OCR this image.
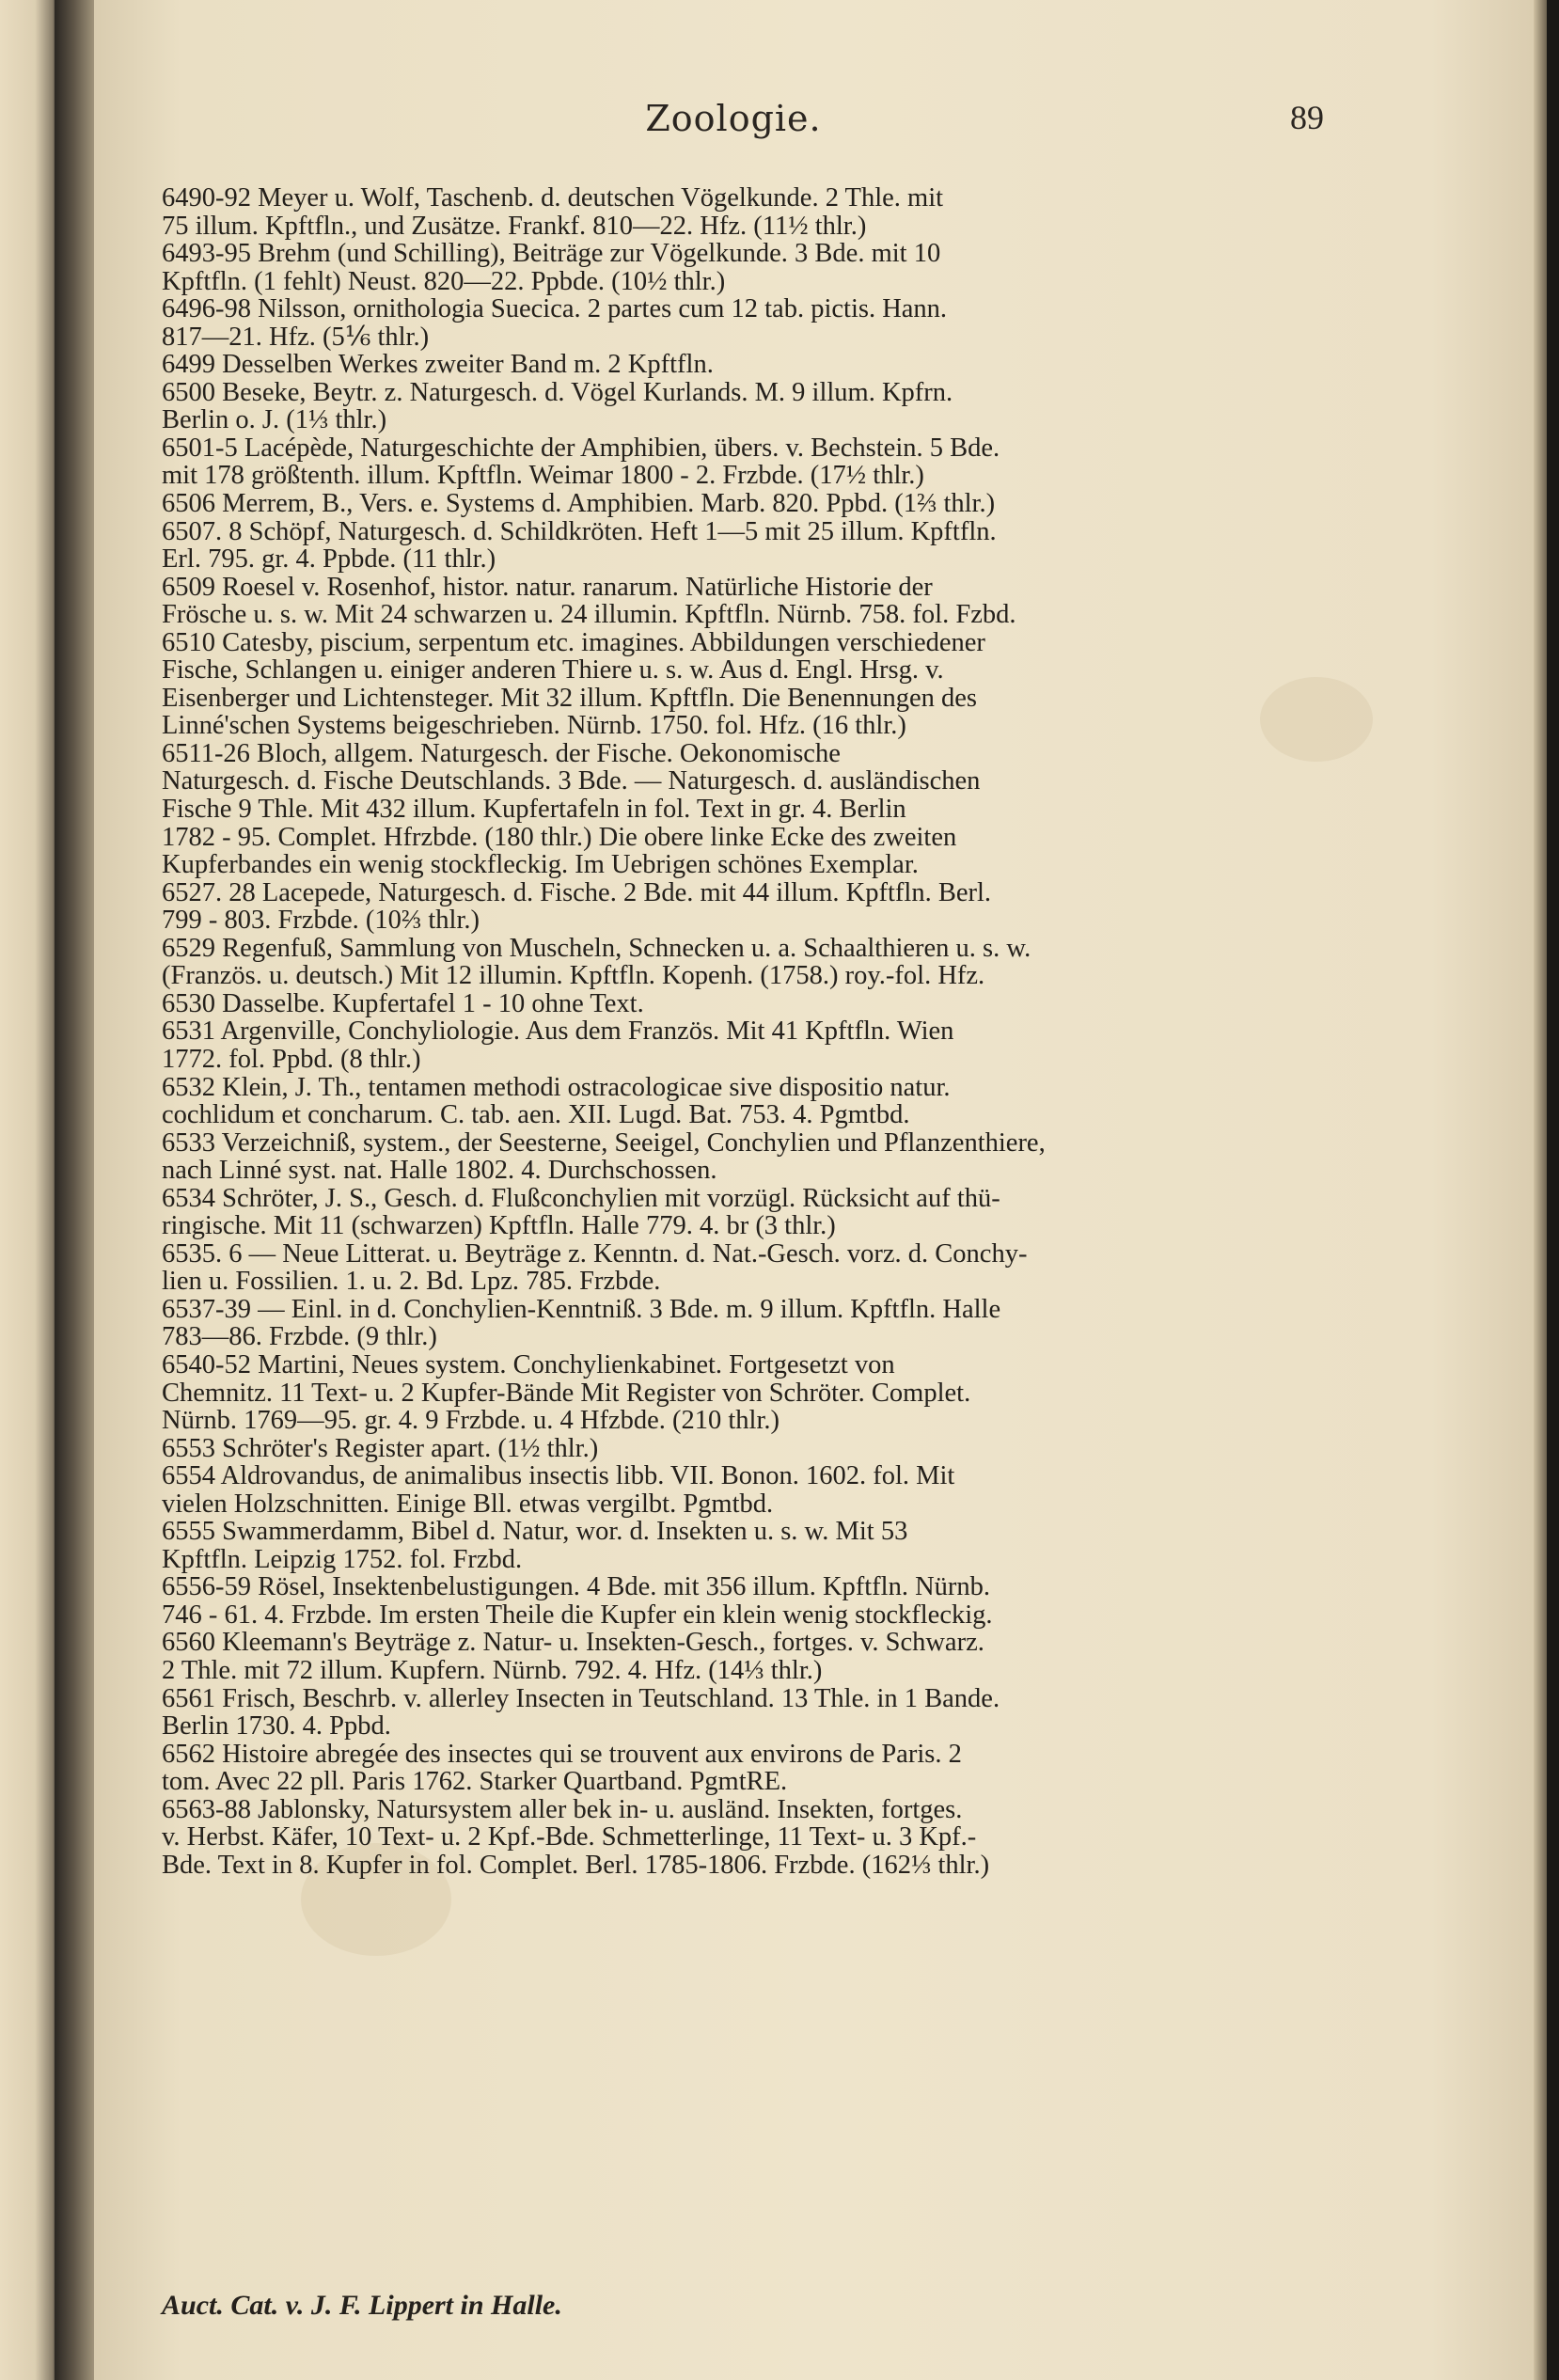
Zoologie.	89
6490-92 Meyer u. Wolf, Taschenb. d. deutschen Vögelkunde. 2 Thle. mit
75 illum. Kpftfln., und Zusätze. Frankf. 810—22. Hfz. (11½ thlr.)
6493-95 Brehm (und Schilling), Beiträge zur Vögelkunde. 3 Bde. mit 10
Kpftfln. (1 fehlt) Neust. 820—22. Ppbde. (10½ thlr.)
6496-98 Nilsson, ornithologia Suecica. 2 partes cum 12 tab. pictis. Hann.
817—21. Hfz. (5⅙ thlr.)
6499 Desselben Werkes zweiter Band m. 2 Kpftfln.
6500 Beseke, Beytr. z. Naturgesch. d. Vögel Kurlands. M. 9 illum. Kpfrn.
Berlin o. J. (1⅓ thlr.)
6501-5 Lacépède, Naturgeschichte der Amphibien, übers. v. Bechstein. 5 Bde.
mit 178 größtenth. illum. Kpftfln. Weimar 1800 - 2. Frzbde. (17½ thlr.)
6506 Merrem, B., Vers. e. Systems d. Amphibien. Marb. 820. Ppbd. (1⅔ thlr.)
6507. 8 Schöpf, Naturgesch. d. Schildkröten. Heft 1—5 mit 25 illum. Kpftfln.
Erl. 795. gr. 4. Ppbde. (11 thlr.)
6509 Roesel v. Rosenhof, histor. natur. ranarum. Natürliche Historie der
Frösche u. s. w. Mit 24 schwarzen u. 24 illumin. Kpftfln. Nürnb. 758. fol. Fzbd.
6510 Catesby, piscium, serpentum etc. imagines. Abbildungen verschiedener
Fische, Schlangen u. einiger anderen Thiere u. s. w. Aus d. Engl. Hrsg. v.
Eisenberger und Lichtensteger. Mit 32 illum. Kpftfln. Die Benennungen des
Linné'schen Systems beigeschrieben. Nürnb. 1750. fol. Hfz. (16 thlr.)
6511-26 Bloch, allgem. Naturgesch. der Fische. Oekonomische
Naturgesch. d. Fische Deutschlands. 3 Bde. — Naturgesch. d. ausländischen
Fische 9 Thle. Mit 432 illum. Kupfertafeln in fol. Text in gr. 4. Berlin
1782 - 95. Complet. Hfrzbde. (180 thlr.) Die obere linke Ecke des zweiten
Kupferbandes ein wenig stockfleckig. Im Uebrigen schönes Exemplar.
6527. 28 Lacepede, Naturgesch. d. Fische. 2 Bde. mit 44 illum. Kpftfln. Berl.
799 - 803. Frzbde. (10⅔ thlr.)
6529 Regenfuß, Sammlung von Muscheln, Schnecken u. a. Schaalthieren u. s. w.
(Französ. u. deutsch.) Mit 12 illumin. Kpftfln. Kopenh. (1758.) roy.-fol. Hfz.
6530 Dasselbe. Kupfertafel 1 - 10 ohne Text.
6531 Argenville, Conchyliologie. Aus dem Französ. Mit 41 Kpftfln. Wien
1772. fol. Ppbd. (8 thlr.)
6532 Klein, J. Th., tentamen methodi ostracologicae sive dispositio natur.
cochlidum et concharum. C. tab. aen. XII. Lugd. Bat. 753. 4. Pgmtbd.
6533 Verzeichniß, system., der Seesterne, Seeigel, Conchylien und Pflanzenthiere,
nach Linné syst. nat. Halle 1802. 4. Durchschossen.
6534 Schröter, J. S., Gesch. d. Flußconchylien mit vorzügl. Rücksicht auf thü-
ringische. Mit 11 (schwarzen) Kpftfln. Halle 779. 4. br (3 thlr.)
6535. 6 — Neue Litterat. u. Beyträge z. Kenntn. d. Nat.-Gesch. vorz. d. Conchy-
lien u. Fossilien. 1. u. 2. Bd. Lpz. 785. Frzbde.
6537-39 — Einl. in d. Conchylien-Kenntniß. 3 Bde. m. 9 illum. Kpftfln. Halle
783—86. Frzbde. (9 thlr.)
6540-52 Martini, Neues system. Conchylienkabinet. Fortgesetzt von
Chemnitz. 11 Text- u. 2 Kupfer-Bände Mit Register von Schröter. Complet.
Nürnb. 1769—95. gr. 4. 9 Frzbde. u. 4 Hfzbde. (210 thlr.)
6553 Schröter's Register apart. (1½ thlr.)
6554 Aldrovandus, de animalibus insectis libb. VII. Bonon. 1602. fol. Mit
vielen Holzschnitten. Einige Bll. etwas vergilbt. Pgmtbd.
6555 Swammerdamm, Bibel d. Natur, wor. d. Insekten u. s. w. Mit 53
Kpftfln. Leipzig 1752. fol. Frzbd.
6556-59 Rösel, Insektenbelustigungen. 4 Bde. mit 356 illum. Kpftfln. Nürnb.
746 - 61. 4. Frzbde. Im ersten Theile die Kupfer ein klein wenig stockfleckig.
6560 Kleemann's Beyträge z. Natur- u. Insekten-Gesch., fortges. v. Schwarz.
2 Thle. mit 72 illum. Kupfern. Nürnb. 792. 4. Hfz. (14⅓ thlr.)
6561 Frisch, Beschrb. v. allerley Insecten in Teutschland. 13 Thle. in 1 Bande.
Berlin 1730. 4. Ppbd.
6562 Histoire abregée des insectes qui se trouvent aux environs de Paris. 2
tom. Avec 22 pll. Paris 1762. Starker Quartband. PgmtRE.
6563-88 Jablonsky, Natursystem aller bek in- u. ausländ. Insekten, fortges.
v. Herbst. Käfer, 10 Text- u. 2 Kpf.-Bde. Schmetterlinge, 11 Text- u. 3 Kpf.-
Bde. Text in 8. Kupfer in fol. Complet. Berl. 1785-1806. Frzbde. (162⅓ thlr.)
Auct. Cat. v. J. F. Lippert in Halle.
